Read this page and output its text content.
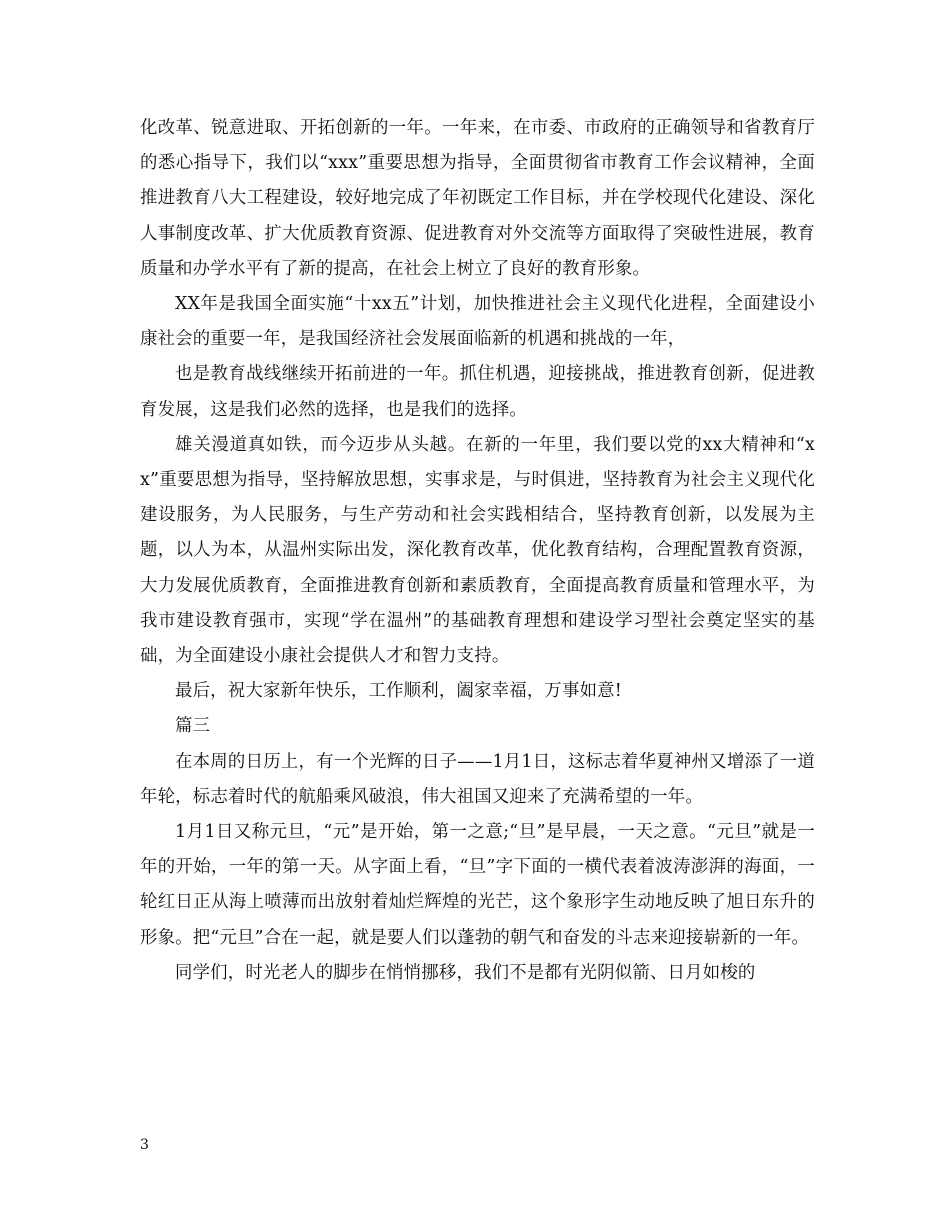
化改革、锐意进取、开拓创新的一年。一年来，在市委、市政府的正确领导和省教育厅的悉心指导下，我们以“xxx”重要思想为指导，全面贯彻省市教育工作会议精神，全面推进教育八大工程建设，较好地完成了年初既定工作目标，并在学校现代化建设、深化人事制度改革、扩大优质教育资源、促进教育对外交流等方面取得了突破性进展，教育质量和办学水平有了新的提高，在社会上树立了良好的教育形象。

XX年是我国全面实施“十xx五”计划，加快推进社会主义现代化进程，全面建设小康社会的重要一年，是我国经济社会发展面临新的机遇和挑战的一年，

也是教育战线继续开拓前进的一年。抓住机遇，迎接挑战，推进教育创新，促进教育发展，这是我们必然的选择，也是我们的选择。

雄关漫道真如铁，而今迈步从头越。在新的一年里，我们要以党的xx大精神和“xx”重要思想为指导，坚持解放思想，实事求是，与时俱进，坚持教育为社会主义现代化建设服务，为人民服务，与生产劳动和社会实践相结合，坚持教育创新，以发展为主题，以人为本，从温州实际出发，深化教育改革，优化教育结构，合理配置教育资源，大力发展优质教育，全面推进教育创新和素质教育，全面提高教育质量和管理水平，为我市建设教育强市，实现“学在温州”的基础教育理想和建设学习型社会奠定坚实的基础，为全面建设小康社会提供人才和智力支持。

最后，祝大家新年快乐，工作顺利，阖家幸福，万事如意!

篇三

在本周的日历上，有一个光辉的日子——1月1日，这标志着华夏神州又增添了一道年轮，标志着时代的航船乘风破浪，伟大祖国又迎来了充满希望的一年。

1月1日又称元旦，“元”是开始，第一之意;“旦”是早晨，一天之意。“元旦”就是一年的开始，一年的第一天。从字面上看，“旦”字下面的一横代表着波涛澎湃的海面，一轮红日正从海上喷薄而出放射着灿烂辉煌的光芒，这个象形字生动地反映了旭日东升的形象。把“元旦”合在一起，就是要人们以蓬勃的朝气和奋发的斗志来迎接崭新的一年。

同学们，时光老人的脚步在悄悄挪移，我们不是都有光阴似箭、日月如梭的

3
